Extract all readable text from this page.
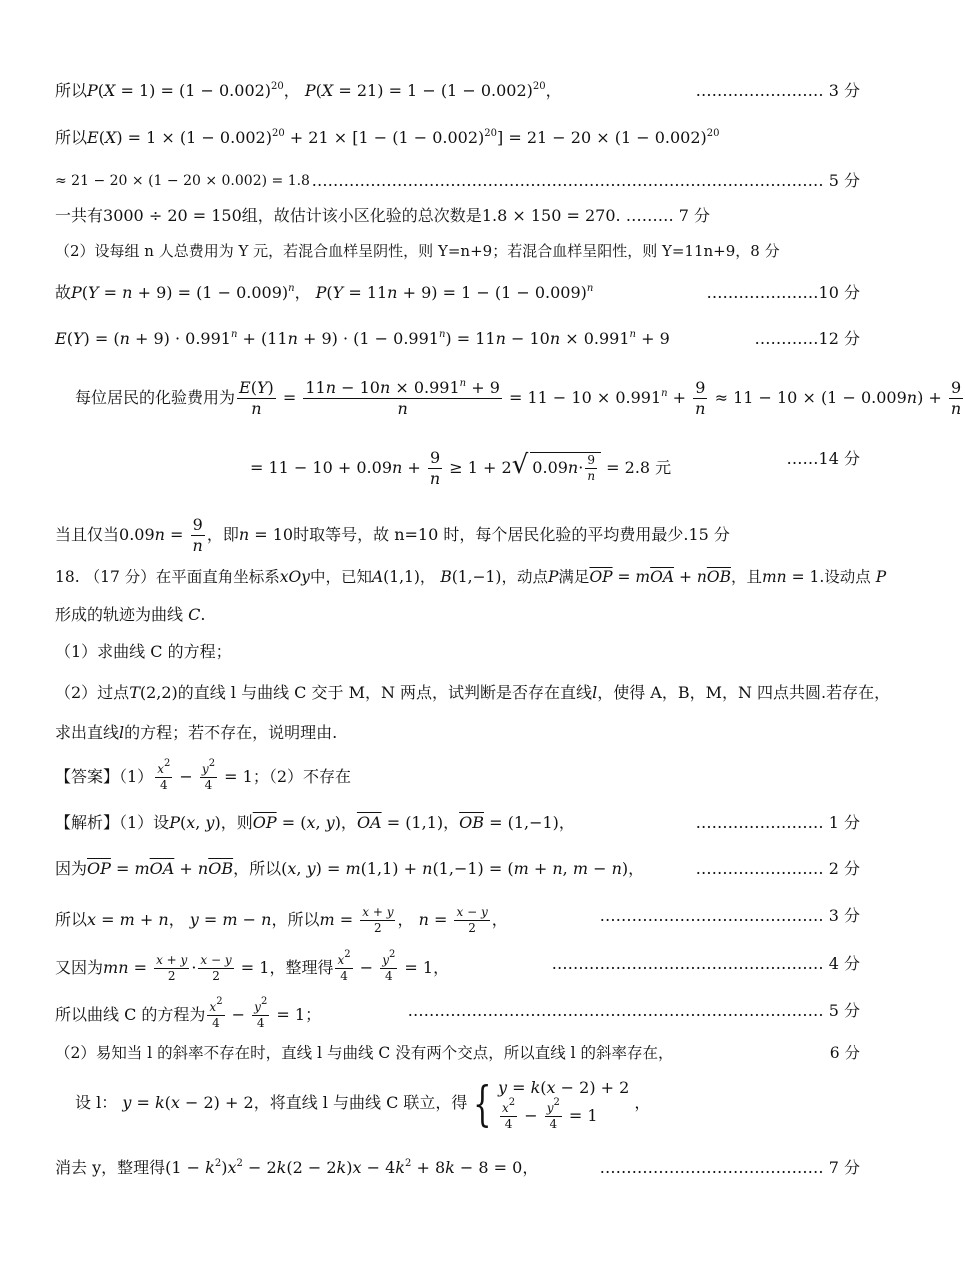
所以$P(X = 1) = (1 - 0.002)^{20}$， $P(X = 21) = 1 - (1 - 0.002)^{20}$，	…………………… 3 分
所以$E(X) = 1 \times (1 - 0.002)^{20} + 21 \times [1 - (1 - 0.002)^{20}] = 21 - 20 \times (1 - 0.002)^{20}$
≈ 21 − 20 × (1 − 20 × 0.002) = 1.8 …………………………………………………………………………………… 5 分
一共有3000 ÷ 20 = 150组，故估计该小区化验的总次数是1.8 × 150 = 270. ……… 7 分
（2）设每组 n 人总费用为 Y 元，若混合血样呈阴性，则 Y=n+9；若混合血样呈阳性，则 Y=11n+9，8 分
故$P(Y = n + 9) = (1 - 0.009)^n$， $P(Y = 11n + 9) = 1 - (1 - 0.009)^n$	…………………10 分
$E(Y) = (n + 9) \cdot 0.991^n + (11n + 9) \cdot (1 - 0.991^n) = 11n - 10n \times 0.991^n + 9$	…………12 分
每位居民的化验费用为 $\frac{E(Y)}{n} = \frac{11n - 10n \times 0.991^n + 9}{n} = 11 - 10 \times 0.991^n + \frac{9}{n} \approx 11 - 10 \times (1 - 0.009n) + \frac{9}{n}$
= $11 - 10 + 0.09n + \frac{9}{n} \ge 1 + 2√$ $0.09n\cdot \frac{9}{n} = 2.8$ 元	……14 分
当且仅当$0.09n = \frac{9}{n}$ ，即n = 10时取等号，故 n=10 时，每个居民化验的平均费用最少.15 分
18. （17 分）在平面直角坐标系xOy中，已知A(1,1)， B(1,−1)，动点P满足$\overline{OP} = m\overline{OA} + n\overline{OB}$，且mn = 1.设动点 P
形成的轨迹为曲线 C.
（1）求曲线 C 的方程；
（2）过点T(2,2)的直线 l 与曲线 C 交于 M，N 两点，试判断是否存在直线l，使得 A，B，M，N 四点共圆.若存在，
求出直线l的方程；若不存在，说明理由.
【答案】$(1) \frac{x^2}{4} - \frac{y^2}{4} = 1$；（2）不存在
【解析】（1）设P(x, y)，则$\overline{OP} = (x$, y)，$\overline{OA} = (1,1)$，$\overline{OB} = (1,-1)$，	…………………… 1 分
因为$\overline{OP} = m\overline{OA} + n\overline{OB}$，所以(x, y) = m(1,1) + n(1,−1) = (m + n, m − n)，	…………………… 2 分
所以x = m + n， y = m − n，所以$m = \frac{x + y}{2}$ ， $n = \frac{x - y}{2}$ ，	…………………………………… 3 分
又因为mn = $\frac{x + y}{2} \cdot \frac{x - y}{2} = 1$，整理得 $\frac{x^2}{4} - \frac{y^2}{4} = 1$，	…………………………………………… 4 分
所以曲线 C 的方程为 $\frac{x^2}{4} - \frac{y^2}{4} = 1$；	…………………………………………………………………… 5 分
（2）易知当 l 的斜率不存在时，直线 l 与曲线 C 没有两个交点，所以直线 l 的斜率存在，	6 分
设 l： y = k(x − 2) + 2，将直线 l 与曲线 C 联立，得 { y = k(x − 2) + 2
$\frac{x^2}{4} - \frac{y^2}{4} = 1$
，
消去 y，整理得$(1 - k^2)x^2 - 2k(2 - 2k)x - 4k^2 + 8k - 8 = 0$，	…………………………………… 7 分
